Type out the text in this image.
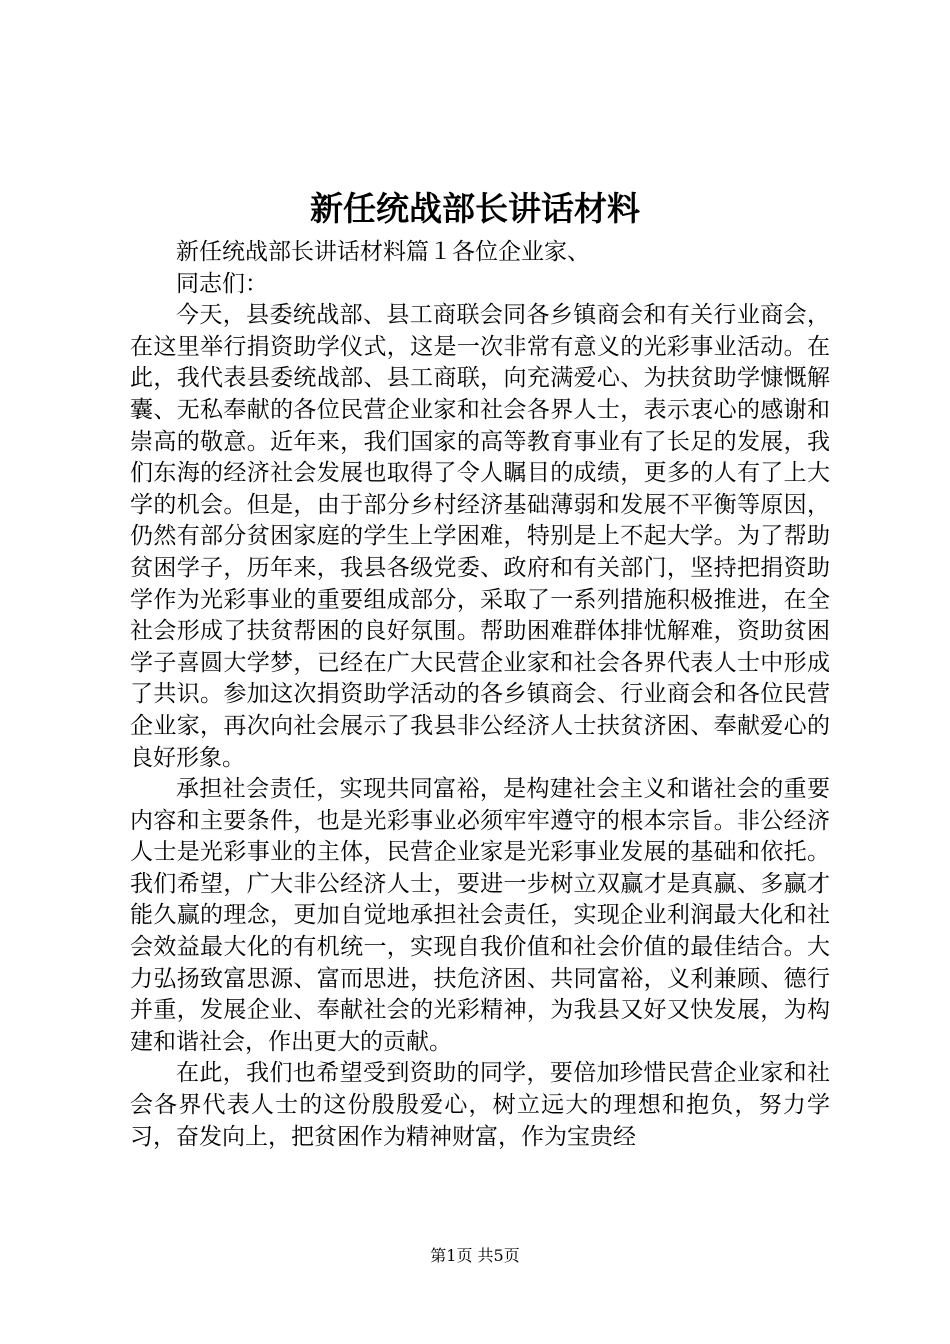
新任统战部长讲话材料

新任统战部长讲话材料篇１各位企业家、

同志们：

今天，县委统战部、县工商联会同各乡镇商会和有关行业商会，在这里举行捐资助学仪式，这是一次非常有意义的光彩事业活动。在此，我代表县委统战部、县工商联，向充满爱心、为扶贫助学慷慨解囊、无私奉献的各位民营企业家和社会各界人士，表示衷心的感谢和崇高的敬意。近年来，我们国家的高等教育事业有了长足的发展，我们东海的经济社会发展也取得了令人瞩目的成绩，更多的人有了上大学的机会。但是，由于部分乡村经济基础薄弱和发展不平衡等原因，仍然有部分贫困家庭的学生上学困难，特别是上不起大学。为了帮助贫困学子，历年来，我县各级党委、政府和有关部门，坚持把捐资助学作为光彩事业的重要组成部分，采取了一系列措施积极推进，在全社会形成了扶贫帮困的良好氛围。帮助困难群体排忧解难，资助贫困学子喜圆大学梦，已经在广大民营企业家和社会各界代表人士中形成了共识。参加这次捐资助学活动的各乡镇商会、行业商会和各位民营企业家，再次向社会展示了我县非公经济人士扶贫济困、奉献爱心的良好形象。

承担社会责任，实现共同富裕，是构建社会主义和谐社会的重要内容和主要条件，也是光彩事业必须牢牢遵守的根本宗旨。非公经济人士是光彩事业的主体，民营企业家是光彩事业发展的基础和依托。我们希望，广大非公经济人士，要进一步树立双赢才是真赢、多赢才能久赢的理念，更加自觉地承担社会责任，实现企业利润最大化和社会效益最大化的有机统一，实现自我价值和社会价值的最佳结合。大力弘扬致富思源、富而思进，扶危济困、共同富裕，义利兼顾、德行并重，发展企业、奉献社会的光彩精神，为我县又好又快发展，为构建和谐社会，作出更大的贡献。

在此，我们也希望受到资助的同学，要倍加珍惜民营企业家和社会各界代表人士的这份殷殷爱心，树立远大的理想和抱负，努力学习，奋发向上，把贫困作为精神财富，作为宝贵经

第1页 共5页
